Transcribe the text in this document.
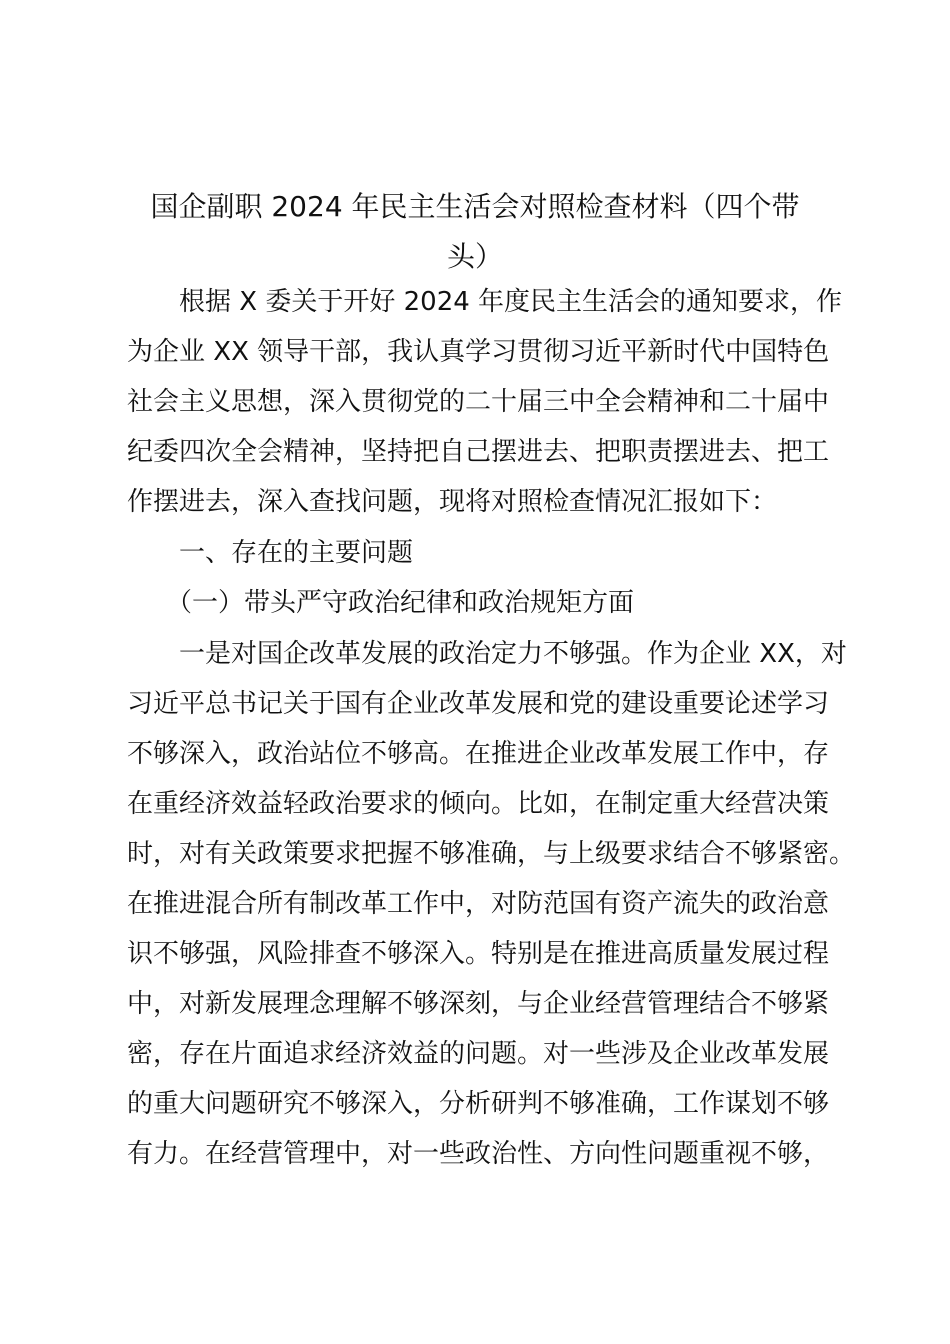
国企副职 2024 年民主生活会对照检查材料（四个带
头）

　　根据 X 委关于开好 2024 年度民主生活会的通知要求，作

为企业 XX 领导干部，我认真学习贯彻习近平新时代中国特色

社会主义思想，深入贯彻党的二十届三中全会精神和二十届中

纪委四次全会精神，坚持把自己摆进去、把职责摆进去、把工

作摆进去，深入查找问题，现将对照检查情况汇报如下：

　　一、存在的主要问题

　　（一）带头严守政治纪律和政治规矩方面

　　一是对国企改革发展的政治定力不够强。作为企业 XX，对

习近平总书记关于国有企业改革发展和党的建设重要论述学习

不够深入，政治站位不够高。在推进企业改革发展工作中，存

在重经济效益轻政治要求的倾向。比如，在制定重大经营决策

时，对有关政策要求把握不够准确，与上级要求结合不够紧密。

在推进混合所有制改革工作中，对防范国有资产流失的政治意

识不够强，风险排查不够深入。特别是在推进高质量发展过程

中，对新发展理念理解不够深刻，与企业经营管理结合不够紧

密，存在片面追求经济效益的问题。对一些涉及企业改革发展

的重大问题研究不够深入，分析研判不够准确，工作谋划不够

有力。在经营管理中，对一些政治性、方向性问题重视不够，
